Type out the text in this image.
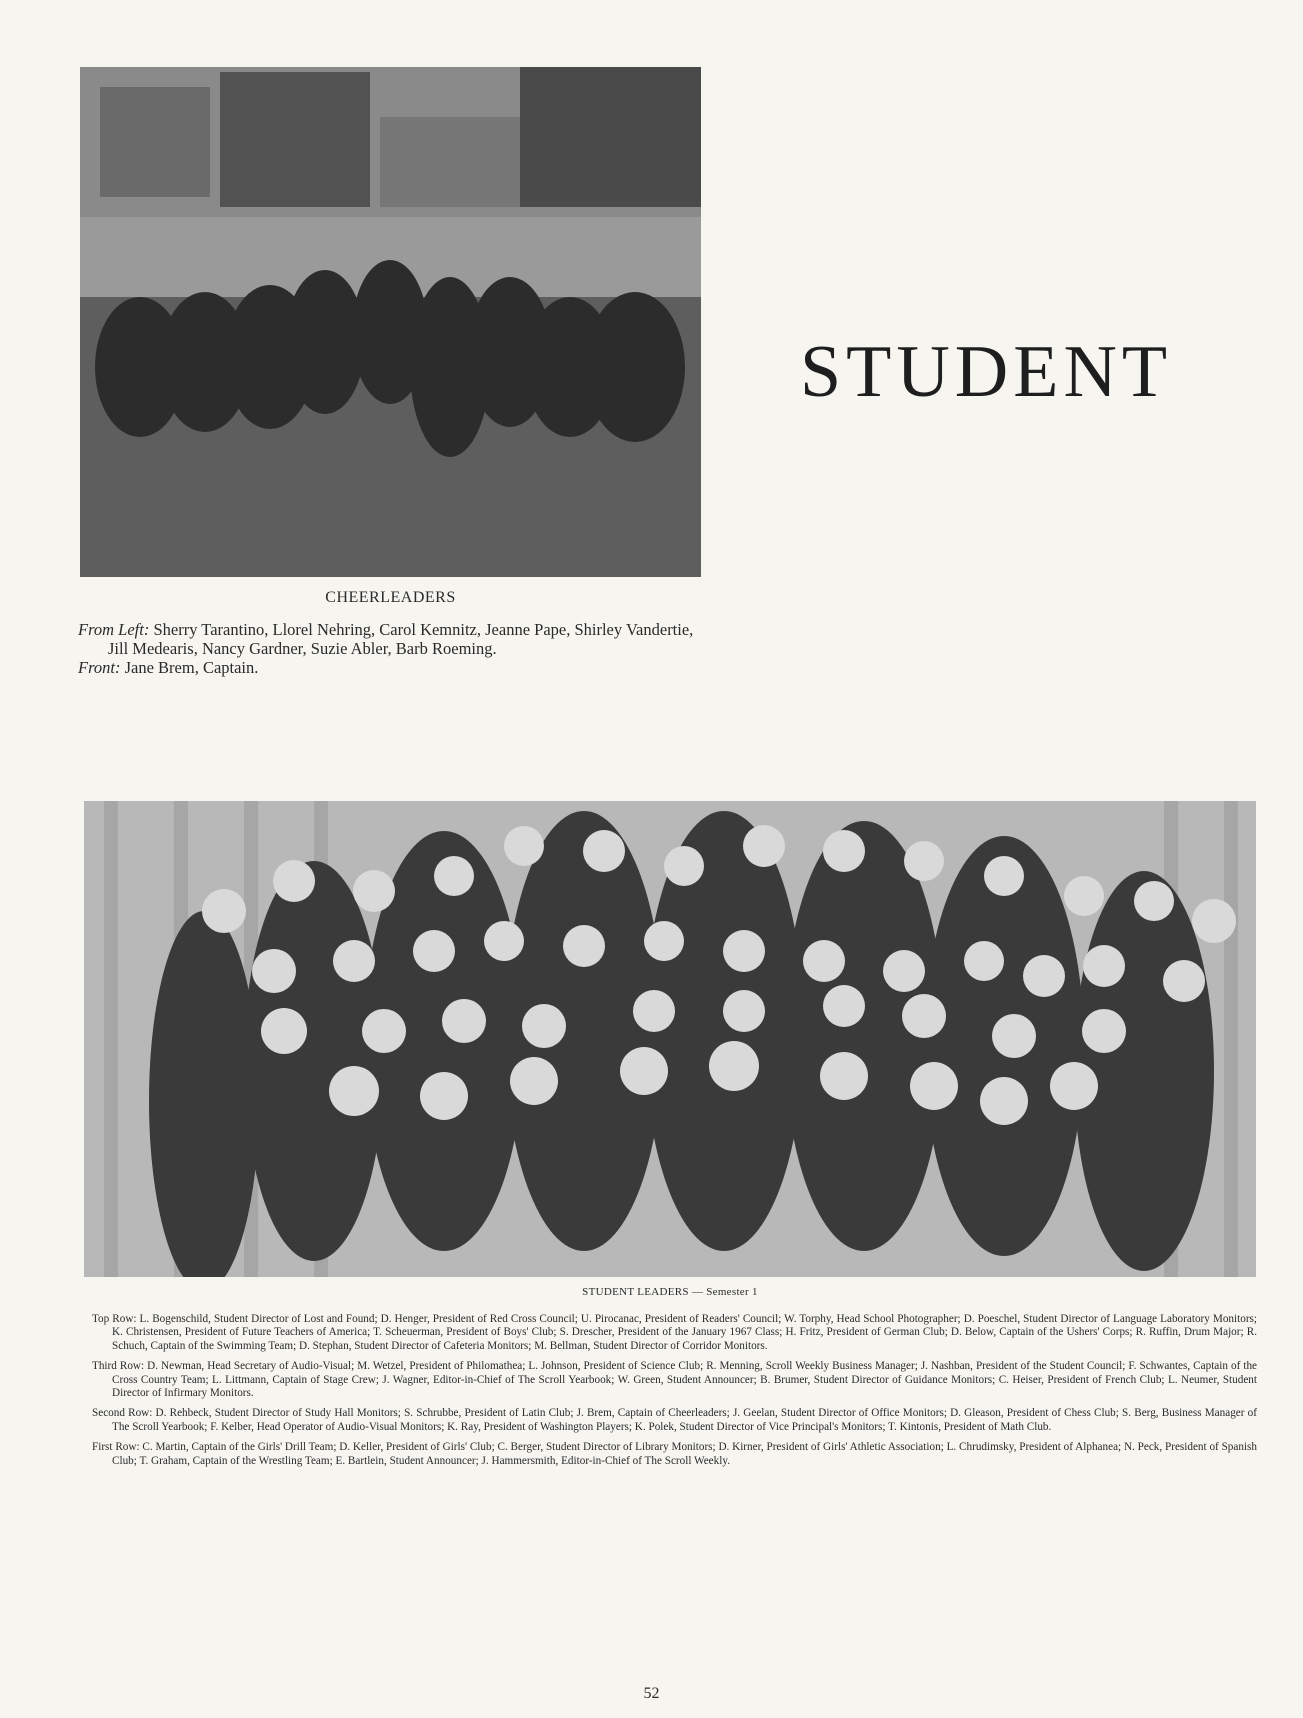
STUDENT
CHEERLEADERS

From Left: Sherry Tarantino, Llorel Nehring, Carol Kemnitz, Jeanne Pape, Shirley Vandertie, Jill Medearis, Nancy Gardner, Suzie Abler, Barb Roeming.

Front: Jane Brem, Captain.

STUDENT LEADERS — Semester 1

Top Row: L. Bogenschild, Student Director of Lost and Found; D. Henger, President of Red Cross Council; U. Pirocanac, President of Readers' Council; W. Torphy, Head School Photographer; D. Poeschel, Student Director of Language Laboratory Monitors; K. Christensen, President of Future Teachers of America; T. Scheuerman, President of Boys' Club; S. Drescher, President of the January 1967 Class; H. Fritz, President of German Club; D. Below, Captain of the Ushers' Corps; R. Ruffin, Drum Major; R. Schuch, Captain of the Swimming Team; D. Stephan, Student Director of Cafeteria Monitors; M. Bellman, Student Director of Corridor Monitors.

Third Row: D. Newman, Head Secretary of Audio-Visual; M. Wetzel, President of Philomathea; L. Johnson, President of Science Club; R. Menning, Scroll Weekly Business Manager; J. Nashban, President of the Student Council; F. Schwantes, Captain of the Cross Country Team; L. Littmann, Captain of Stage Crew; J. Wagner, Editor-in-Chief of The Scroll Yearbook; W. Green, Student Announcer; B. Brumer, Student Director of Guidance Monitors; C. Heiser, President of French Club; L. Neumer, Student Director of Infirmary Monitors.

Second Row: D. Rehbeck, Student Director of Study Hall Monitors; S. Schrubbe, President of Latin Club; J. Brem, Captain of Cheerleaders; J. Geelan, Student Director of Office Monitors; D. Gleason, President of Chess Club; S. Berg, Business Manager of The Scroll Yearbook; F. Kelber, Head Operator of Audio-Visual Monitors; K. Ray, President of Washington Players; K. Polek, Student Director of Vice Principal's Monitors; T. Kintonis, President of Math Club.

First Row: C. Martin, Captain of the Girls' Drill Team; D. Keller, President of Girls' Club; C. Berger, Student Director of Library Monitors; D. Kirner, President of Girls' Athletic Association; L. Chrudimsky, President of Alphanea; N. Peck, President of Spanish Club; T. Graham, Captain of the Wrestling Team; E. Bartlein, Student Announcer; J. Hammersmith, Editor-in-Chief of The Scroll Weekly.

52
